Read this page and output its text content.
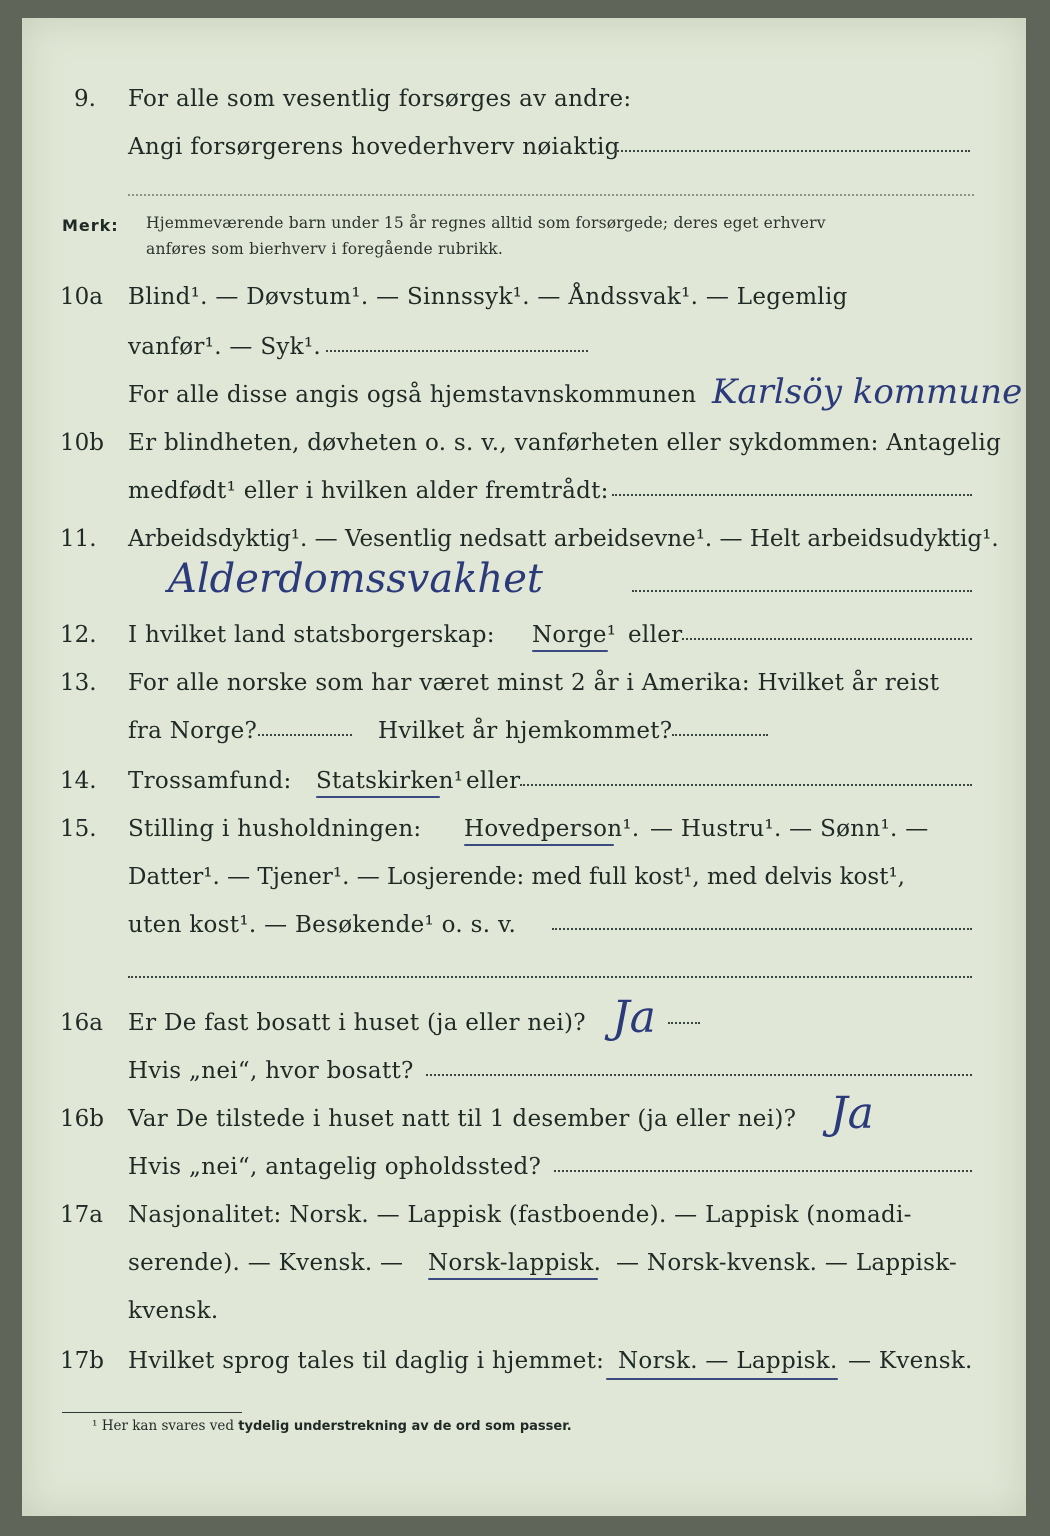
9. For alle som vesentlig forsørges av andre:
Angi forsørgerens hovederhverv nøiaktig
Merk: Hjemmeværende barn under 15 år regnes alltid som forsørgede; deres eget erhverv
anføres som bierhverv i foregående rubrikk.
10a Blind¹. — Døvstum¹. — Sinnssyk¹. — Åndssvak¹. — Legemlig
vanfør¹. — Syk¹.
For alle disse angis også hjemstavnskommunen Karlsöy kommune
10b Er blindheten, døvheten o. s. v., vanførheten eller sykdommen: Antagelig
medfødt¹ eller i hvilken alder fremtrådt:
11. Arbeidsdyktig¹. — Vesentlig nedsatt arbeidsevne¹. — Helt arbeidsudyktig¹.
Alderdomssvakhet
12. I hvilket land statsborgerskap: Norge¹ eller
13. For alle norske som har været minst 2 år i Amerika: Hvilket år reist
fra Norge?	Hvilket år hjemkommet?
14. Trossamfund: Statskirken¹ eller
15. Stilling i husholdningen: Hovedperson¹. — Hustru¹. — Sønn¹. —
Datter¹. — Tjener¹. — Losjerende: med full kost¹, med delvis kost¹,
uten kost¹. — Besøkende¹ o. s. v.
16a Er De fast bosatt i huset (ja eller nei)? Ja
Hvis „nei“, hvor bosatt?
16b Var De tilstede i huset natt til 1 desember (ja eller nei)? Ja
Hvis „nei“, antagelig opholdssted?
17a Nasjonalitet: Norsk. — Lappisk (fastboende). — Lappisk (nomadi-
serende). — Kvensk. — Norsk-lappisk. — Norsk-kvensk. — Lappisk-
kvensk.
17b Hvilket sprog tales til daglig i hjemmet: Norsk. — Lappisk. — Kvensk.
¹ Her kan svares ved tydelig understrekning av de ord som passer.
